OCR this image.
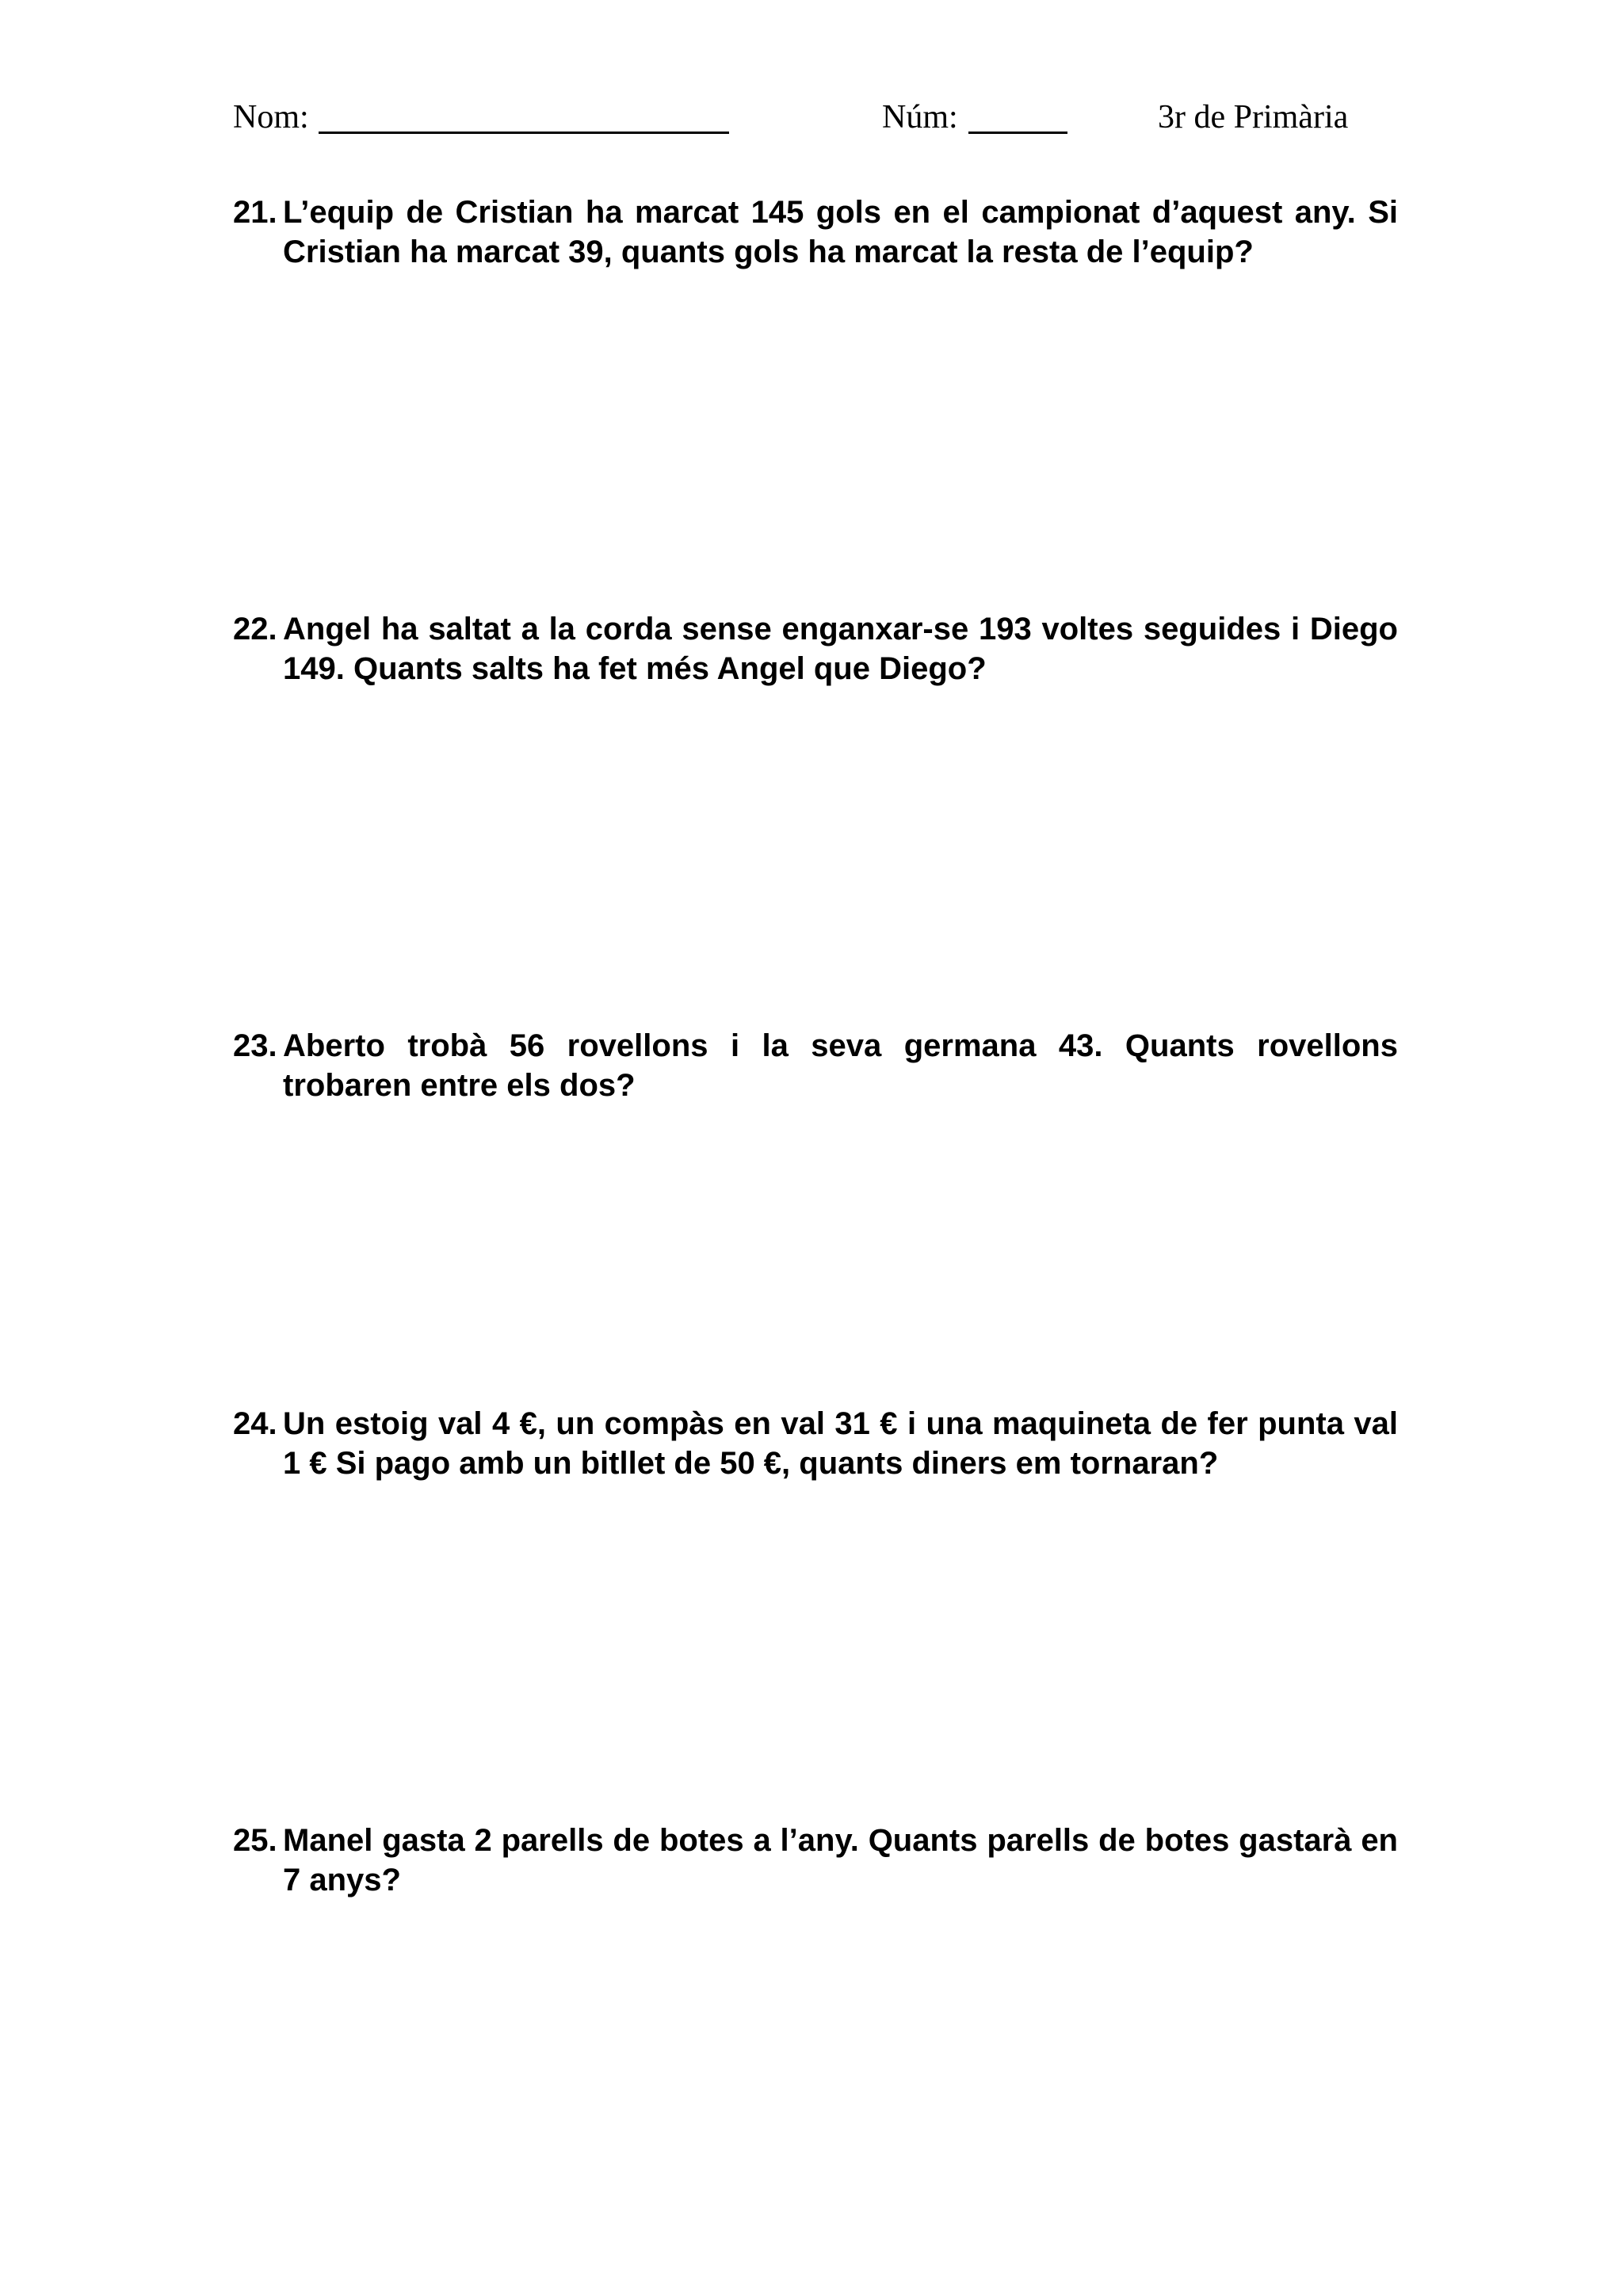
Nom:	Núm:	3r de Primària
21. L’equip de Cristian ha marcat 145 gols en el campionat d’aquest any. Si Cristian ha marcat 39, quants gols ha marcat la resta de l’equip?
22. Angel ha saltat a la corda sense enganxar-se 193 voltes seguides i Diego 149. Quants salts ha fet més Angel que Diego?
23. Aberto trobà 56 rovellons i la seva germana 43. Quants rovellons trobaren entre els dos?
24. Un estoig val 4 €, un compàs en val 31 € i una maquineta de fer punta val 1 € Si pago amb un bitllet de 50 €, quants diners em tornaran?
25. Manel gasta 2 parells de botes a l’any. Quants parells de botes gastarà en 7 anys?
